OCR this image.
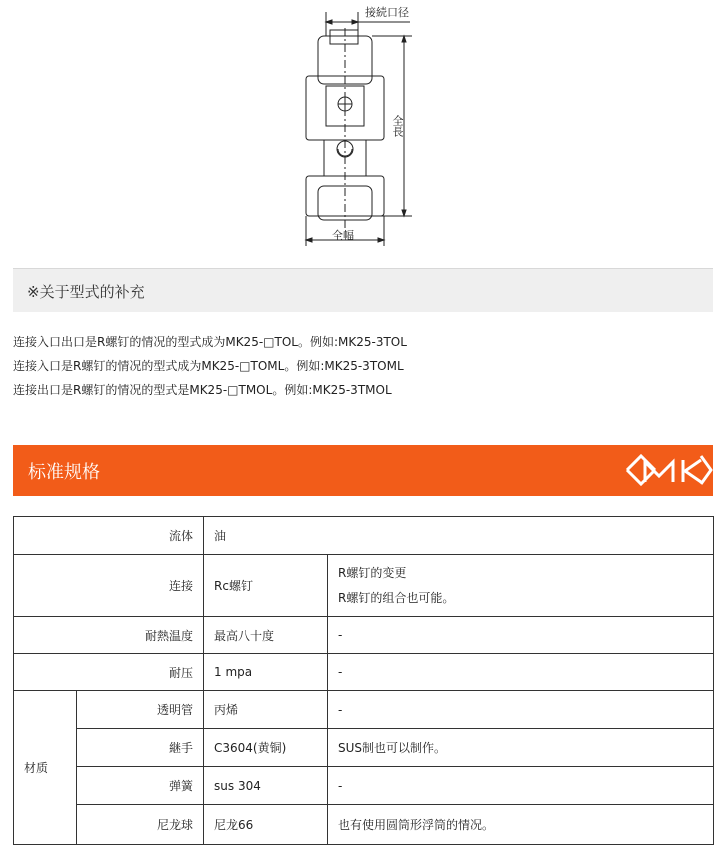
接続口径
全長
全幅
※关于型式的补充
连接入口出口是R螺钉的情况的型式成为MK25-□TOL。例如:MK25-3TOL
连接入口是R螺钉的情况的型式成为MK25-□TOML。例如:MK25-3TOML
连接出口是R螺钉的情况的型式是MK25-□TMOL。例如:MK25-3TMOL
标准规格
流体		油	
连接		Rc螺钉	R螺钉的变更
R螺钉的组合也可能。

耐熱温度		最高八十度	-
耐压		1 mpa	-
材质	透明管	丙烯	-
	継手	C3604(黄铜)	SUS制也可以制作。
	弹簧	sus 304	-
	尼龙球	尼龙66	也有使用圆筒形浮筒的情况。
